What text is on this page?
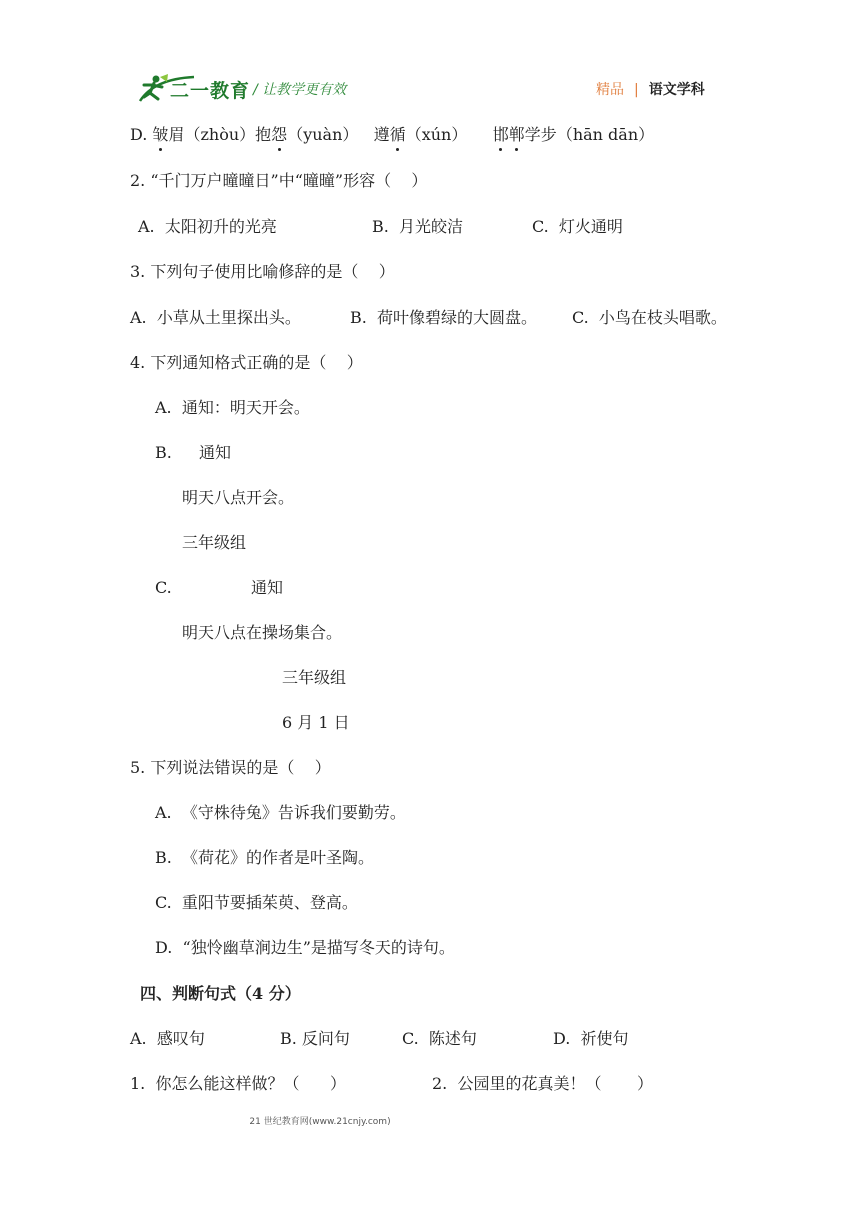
二一教育 / 让教学更有效	精品 | 语文学科
D. 皱眉（zhòu）抱怨（yuàn） 遵循（xún） 邯郸学步（hān dān）
2. “千门万户曈曈日”中“曈曈”形容（    ）
A.  太阳初升的光亮	B.  月光皎洁	C.  灯火通明
3. 下列句子使用比喻修辞的是（    ）
A.  小草从土里探出头。	B.  荷叶像碧绿的大圆盘。 C.  小鸟在枝头唱歌。
4. 下列通知格式正确的是（    ）
A.  通知：明天开会。
B. 通知
明天八点开会。
三年级组
C.	通知
明天八点在操场集合。
三年级组
6 月 1 日
5. 下列说法错误的是（    ）
A.  《守株待兔》告诉我们要勤劳。
B.  《荷花》的作者是叶圣陶。
C.  重阳节要插茱萸、登高。
D.  “独怜幽草涧边生”是描写冬天的诗句。
四、判断句式（4 分）
A.  感叹句	B. 反问句	C.  陈述句	D.  祈使句
1.  你怎么能这样做？（      ）	2.  公园里的花真美！（       ）
21 世纪教育网(www.21cnjy.com)
